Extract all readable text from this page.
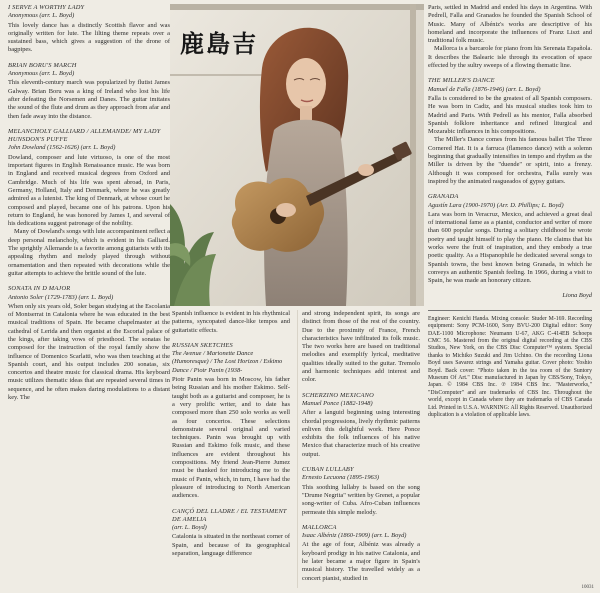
I SERVE A WORTHY LADY
Anonymous (arr. L. Boyd)
This lovely dance has a distinctly Scottish flavor and was originally written for lute. The lilting theme repeats over a sustained bass, which gives a suggestion of the drone of bagpipes.
BRIAN BORU'S MARCH
Anonymous (arr. L. Boyd)
This eleventh-century march was popularized by flutist James Galway. Brian Boru was a king of Ireland who lost his life after defeating the Norsemen and Danes. The guitar imitates the sound of the flute and drum as they approach from afar and then fade away into the distance.
MELANCHOLY GALLIARD / ALLEMANDE/ MY LADY HUNSDON'S PUFFE
John Dowland (1562-1626) (arr. L. Boyd)
Dowland, composer and lute virtuoso, is one of the most important figures in English Renaissance music. He was born in England and received musical degrees from Oxford and Cambridge. Much of his life was spent abroad, in Paris, Germany, Holland, Italy and Denmark, where he was greatly admired as a lutenist. The king of Denmark, at whose court he composed and played, became one of his patrons. Upon his return to England, he was honored by James I, and several of his dedications suggest patronage of the nobility.
Many of Dowland's songs with lute accompaniment reflect a deep personal melancholy, which is evident in his Galliard. The sprightly Allemande is a favorite among guitarists with its appealing rhythm and melody played through without ornamentation and then repeated with decorations while the guitar attempts to achieve the brittle sound of the lute.
SONATA IN D MAJOR
Antonio Soler (1729-1783) (arr. L. Boyd)
When only six years old, Soler began studying at the Escolania of Montserrat in Catalonia where he was educated in the best musical traditions of Spain. He became chapelmaster at the cathedral of Lerida and then organist at the Escorial palace of the kings, after taking vows of priesthood. The sonatas he composed for the instruction of the royal family show the influence of Domenico Scarlatti, who was then teaching at the Spanish court, and his output includes 200 sonatas, six concertos and theatre music for classical drama. His keyboard music utilizes thematic ideas that are repeated several times in sequence, and he often makes daring modulations to a distant key. The
鹿島吉
Spanish influence is evident in his rhythmical patterns, syncopated dance-like tempos and guitaristic effects.
RUSSIAN SKETCHES
The Avenue / Marionette Dance (Humoresque) / The Lost Horizon / Eskimo Dance / Piotr Panin (1938-
Piotr Panin was born in Moscow, his father being Russian and his mother Eskimo. Self-taught both as a guitarist and composer, he is a very prolific writer, and to date has composed more than 250 solo works as well as four concertos. These selections demonstrate several original and varied techniques. Panin was brought up with Russian and Eskimo folk music, and these influences are evident throughout his compositions. My friend Jean-Pierre Jumez must be thanked for introducing me to the music of Panin, which, in turn, I have had the pleasure of introducing to North American audiences.
CANÇÓ DEL LLADRE / EL TESTAMENT DE AMELIA
(arr. L. Boyd)
Catalonia is situated in the northeast corner of Spain, and because of its geographical separation, language difference
and strong independent spirit, its songs are distinct from those of the rest of the country. Due to the proximity of France, French characteristics have infiltrated its folk music. The two works here are based on traditional melodies and exemplify lyrical, meditative qualities ideally suited to the guitar. Tremolo and harmonic techniques add interest and color.
SCHERZINO MEXICANO
Manuel Ponce (1882-1948)
After a languid beginning using interesting chordal progressions, lively rhythmic patterns enliven this delightful work. Here Ponce exhibits the folk influences of his native Mexico that characterize much of his creative output.
CUBAN LULLABY
Ernesto Lecuona (1895-1963)
This soothing lullaby is based on the song "Drume Negrita" written by Grenet, a popular song-writer of Cuba. Afro-Cuban influences permeate this simple melody.
MALLORCA
Isaac Albéniz (1860-1909) (arr. L. Boyd)
At the age of four, Albéniz was already a keyboard prodigy in his native Catalonia, and he later became a major figure in Spain's musical history. The travelled widely as a concert pianist, studied in
Paris, settled in Madrid and ended his days in Argentina. With Pedrell, Falla and Granados he founded the Spanish School of Music. Many of Albéniz's works are descriptive of his homeland and incorporate the influences of Franz Liszt and traditional folk music.
Mallorca is a barcarole for piano from his Serenata Española. It describes the Balearic isle through its evocation of space effected by the sultry sweeps of a flowing thematic line.
THE MILLER'S DANCE
Manuel de Falla (1876-1946) (arr. L. Boyd)
Falla is considered to be the greatest of all Spanish composers. He was born in Cadiz, and his musical studies took him to Madrid and Paris. With Pedrell as his mentor, Falla absorbed Spanish folklore inheritance and refined liturgical and Mozarabic influences in his compositions.
The Miller's Dance comes from his famous ballet The Three Cornered Hat. It is a farruca (flamenco dance) with a solemn beginning that gradually intensifies in tempo and rhythm as the Miller is driven by the "duende" or spirit, into a frenzy. Although it was composed for orchestra, Falla surely was inspired by the animated rasgueados of gypsy guitars.
GRANADA
Agustín Lara (1900-1970) (Arr. D. Phillips; L. Boyd)
Lara was born in Veracruz, Mexico, and achieved a great deal of international fame as a pianist, conductor and writer of more than 600 popular songs. During a solitary childhood he wrote poetry and taught himself to play the piano. He claims that his works were the fruit of inspiration, and they embody a true poetic quality. As a Hispanophile he dedicated several songs to Spanish towns, the best known being Granada, in which he conveys an authentic Spanish feeling. In 1966, during a visit to Spain, he was made an honorary citizen.
Liona Boyd
Engineer: Kenichi Handa. Mixing console: Studer M-169. Recording equipment: Sony PCM-1600, Sony BVU-200 Digital editor: Sony DAE-1100 Microphone: Neumann U-67, AKG C-414EB Schoeps CMC 56. Mastered from the original digital recording at the CBS Studios, New York, on the CBS Disc Computer™ system. Special thanks to Michiko Suzuki and Jim Uchino. On the recording Liona Boyd uses Savarez strings and Yamaha guitar. Cover photo: Yoshio Boyd. Back cover: "Photo taken in the tea room of the Suntory Museum Of Art." Disc manufactured in Japan by CBS/Sony, Tokyo, Japan. © 1984 CBS Inc. ℗ 1984 CBS Inc. "Masterworks," "DisComputer" and are trademarks of CBS Inc. Throughout the world, except in Canada where they are trademarks of CBS Canada Ltd. Printed in U.S.A. WARNING: All Rights Reserved. Unauthorized duplication is a violation of applicable laws.
10031
